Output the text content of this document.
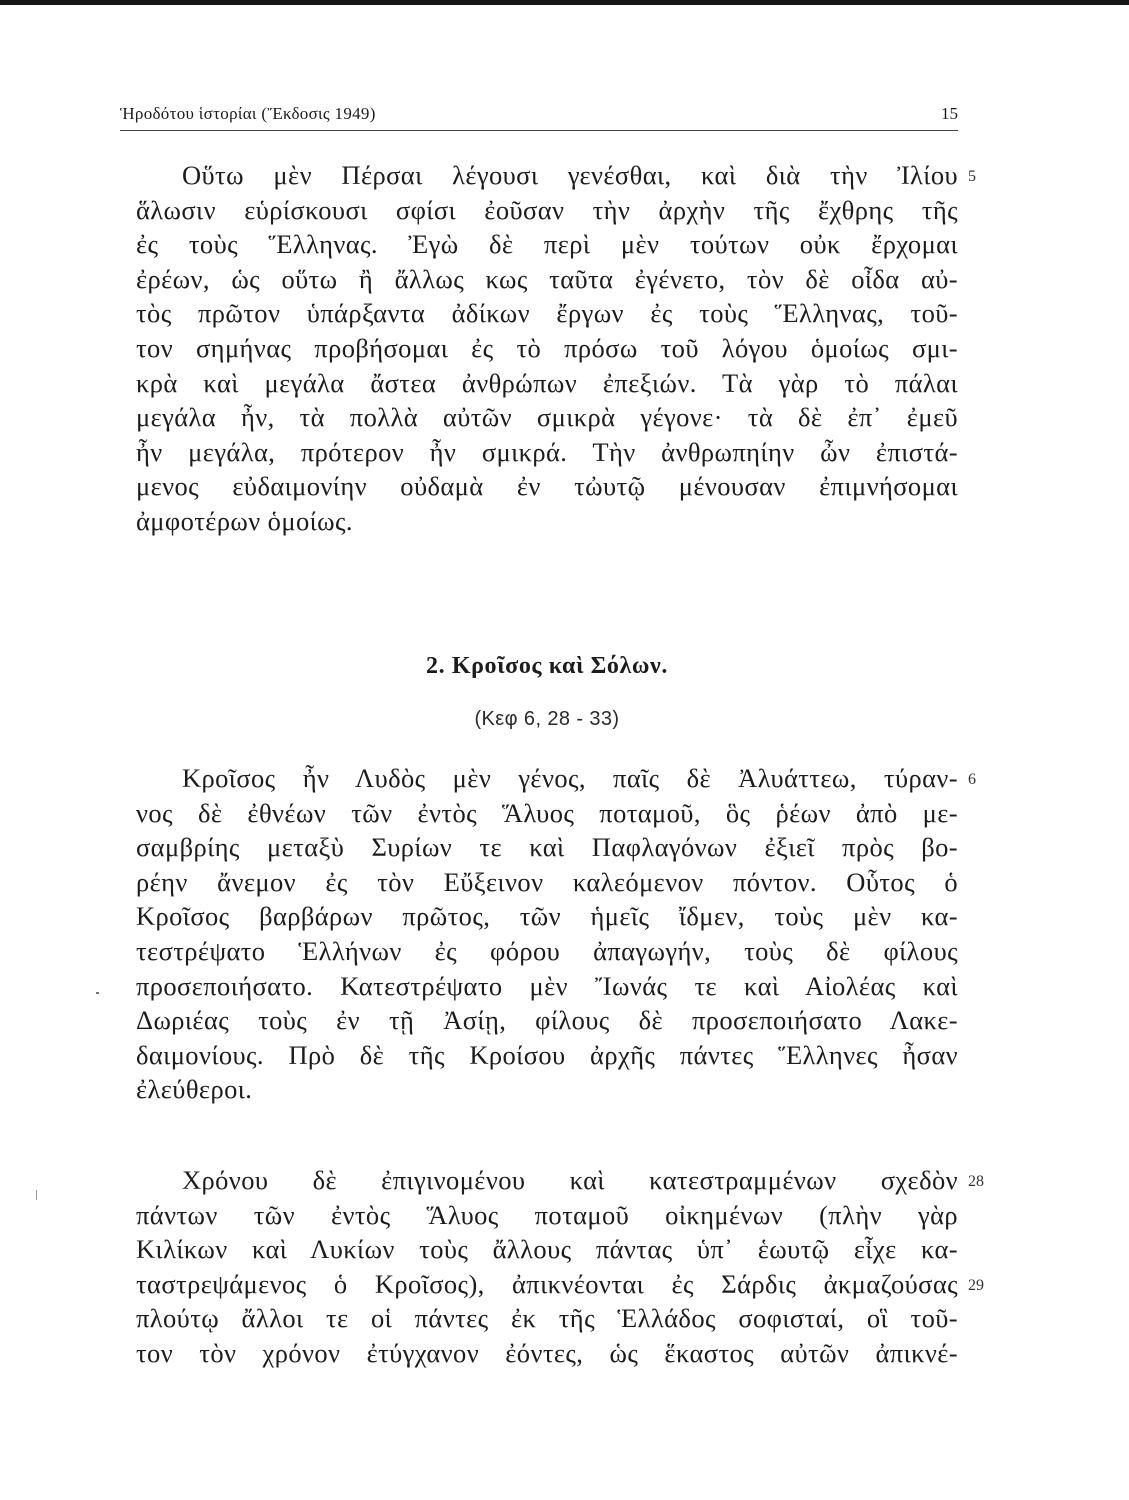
Ἡροδότου ἱστορίαι (Ἔκδοσις 1949)	15
Οὕτω μὲν Πέρσαι λέγουσι γενέσθαι, καὶ διὰ τὴν Ἰλίου 5
ἅλωσιν εὑρίσκουσι σφίσι ἐοῦσαν τὴν ἀρχὴν τῆς ἔχθρης τῆς
ἐς τοὺς Ἕλληνας. Ἐγὼ δὲ περὶ μὲν τούτων οὐκ ἔρχομαι
ἐρέων, ὡς οὕτω ἢ ἄλλως κως ταῦτα ἐγένετο, τὸν δὲ οἶδα αὐ-
τὸς πρῶτον ὑπάρξαντα ἀδίκων ἔργων ἐς τοὺς Ἕλληνας, τοῦ-
τον σημήνας προβήσομαι ἐς τὸ πρόσω τοῦ λόγου ὁμοίως σμι-
κρὰ καὶ μεγάλα ἄστεα ἀνθρώπων ἐπεξιών. Τὰ γὰρ τὸ πάλαι
μεγάλα ἦν, τὰ πολλὰ αὐτῶν σμικρὰ γέγονε· τὰ δὲ ἐπ᾽ ἐμεῦ
ἦν μεγάλα, πρότερον ἦν σμικρά. Τὴν ἀνθρωπηίην ὦν ἐπιστά-
μενος εὐδαιμονίην οὐδαμὰ ἐν τὠυτῷ μένουσαν ἐπιμνήσομαι
ἀμφοτέρων ὁμοίως.
2. Κροῖσος καὶ Σόλων.
(Κεφ 6, 28 - 33)
Κροῖσος ἦν Λυδὸς μὲν γένος, παῖς δὲ Ἀλυάττεω, τύραν- 6
νος δὲ ἐθνέων τῶν ἐντὸς Ἅλυος ποταμοῦ, ὃς ῥέων ἀπὸ με-
σαμβρίης μεταξὺ Συρίων τε καὶ Παφλαγόνων ἐξιεῖ πρὸς βο-
ρέην ἄνεμον ἐς τὸν Εὔξεινον καλεόμενον πόντον. Οὗτος ὁ
Κροῖσος βαρβάρων πρῶτος, τῶν ἡμεῖς ἴδμεν, τοὺς μὲν κα-
τεστρέψατο Ἑλλήνων ἐς φόρου ἀπαγωγήν, τοὺς δὲ φίλους
προσεποιήσατο. Κατεστρέψατο μὲν Ἴωνάς τε καὶ Αἰολέας καὶ
Δωριέας τοὺς ἐν τῇ Ἀσίῃ, φίλους δὲ προσεποιήσατο Λακε-
δαιμονίους. Πρὸ δὲ τῆς Κροίσου ἀρχῆς πάντες Ἕλληνες ἦσαν
ἐλεύθεροι.
Χρόνου δὲ ἐπιγινομένου καὶ κατεστραμμένων σχεδὸν 28
πάντων τῶν ἐντὸς Ἅλυος ποταμοῦ οἰκημένων (πλὴν γὰρ
Κιλίκων καὶ Λυκίων τοὺς ἄλλους πάντας ὑπ᾽ ἑωυτῷ εἶχε κα-
ταστρεψάμενος ὁ Κροῖσος), ἀπικνέονται ἐς Σάρδις ἀκμαζούσας 29
πλούτῳ ἄλλοι τε οἱ πάντες ἐκ τῆς Ἑλλάδος σοφισταί, οἳ τοῦ-
τον τὸν χρόνον ἐτύγχανον ἐόντες, ὡς ἕκαστος αὐτῶν ἀπικνέ-
